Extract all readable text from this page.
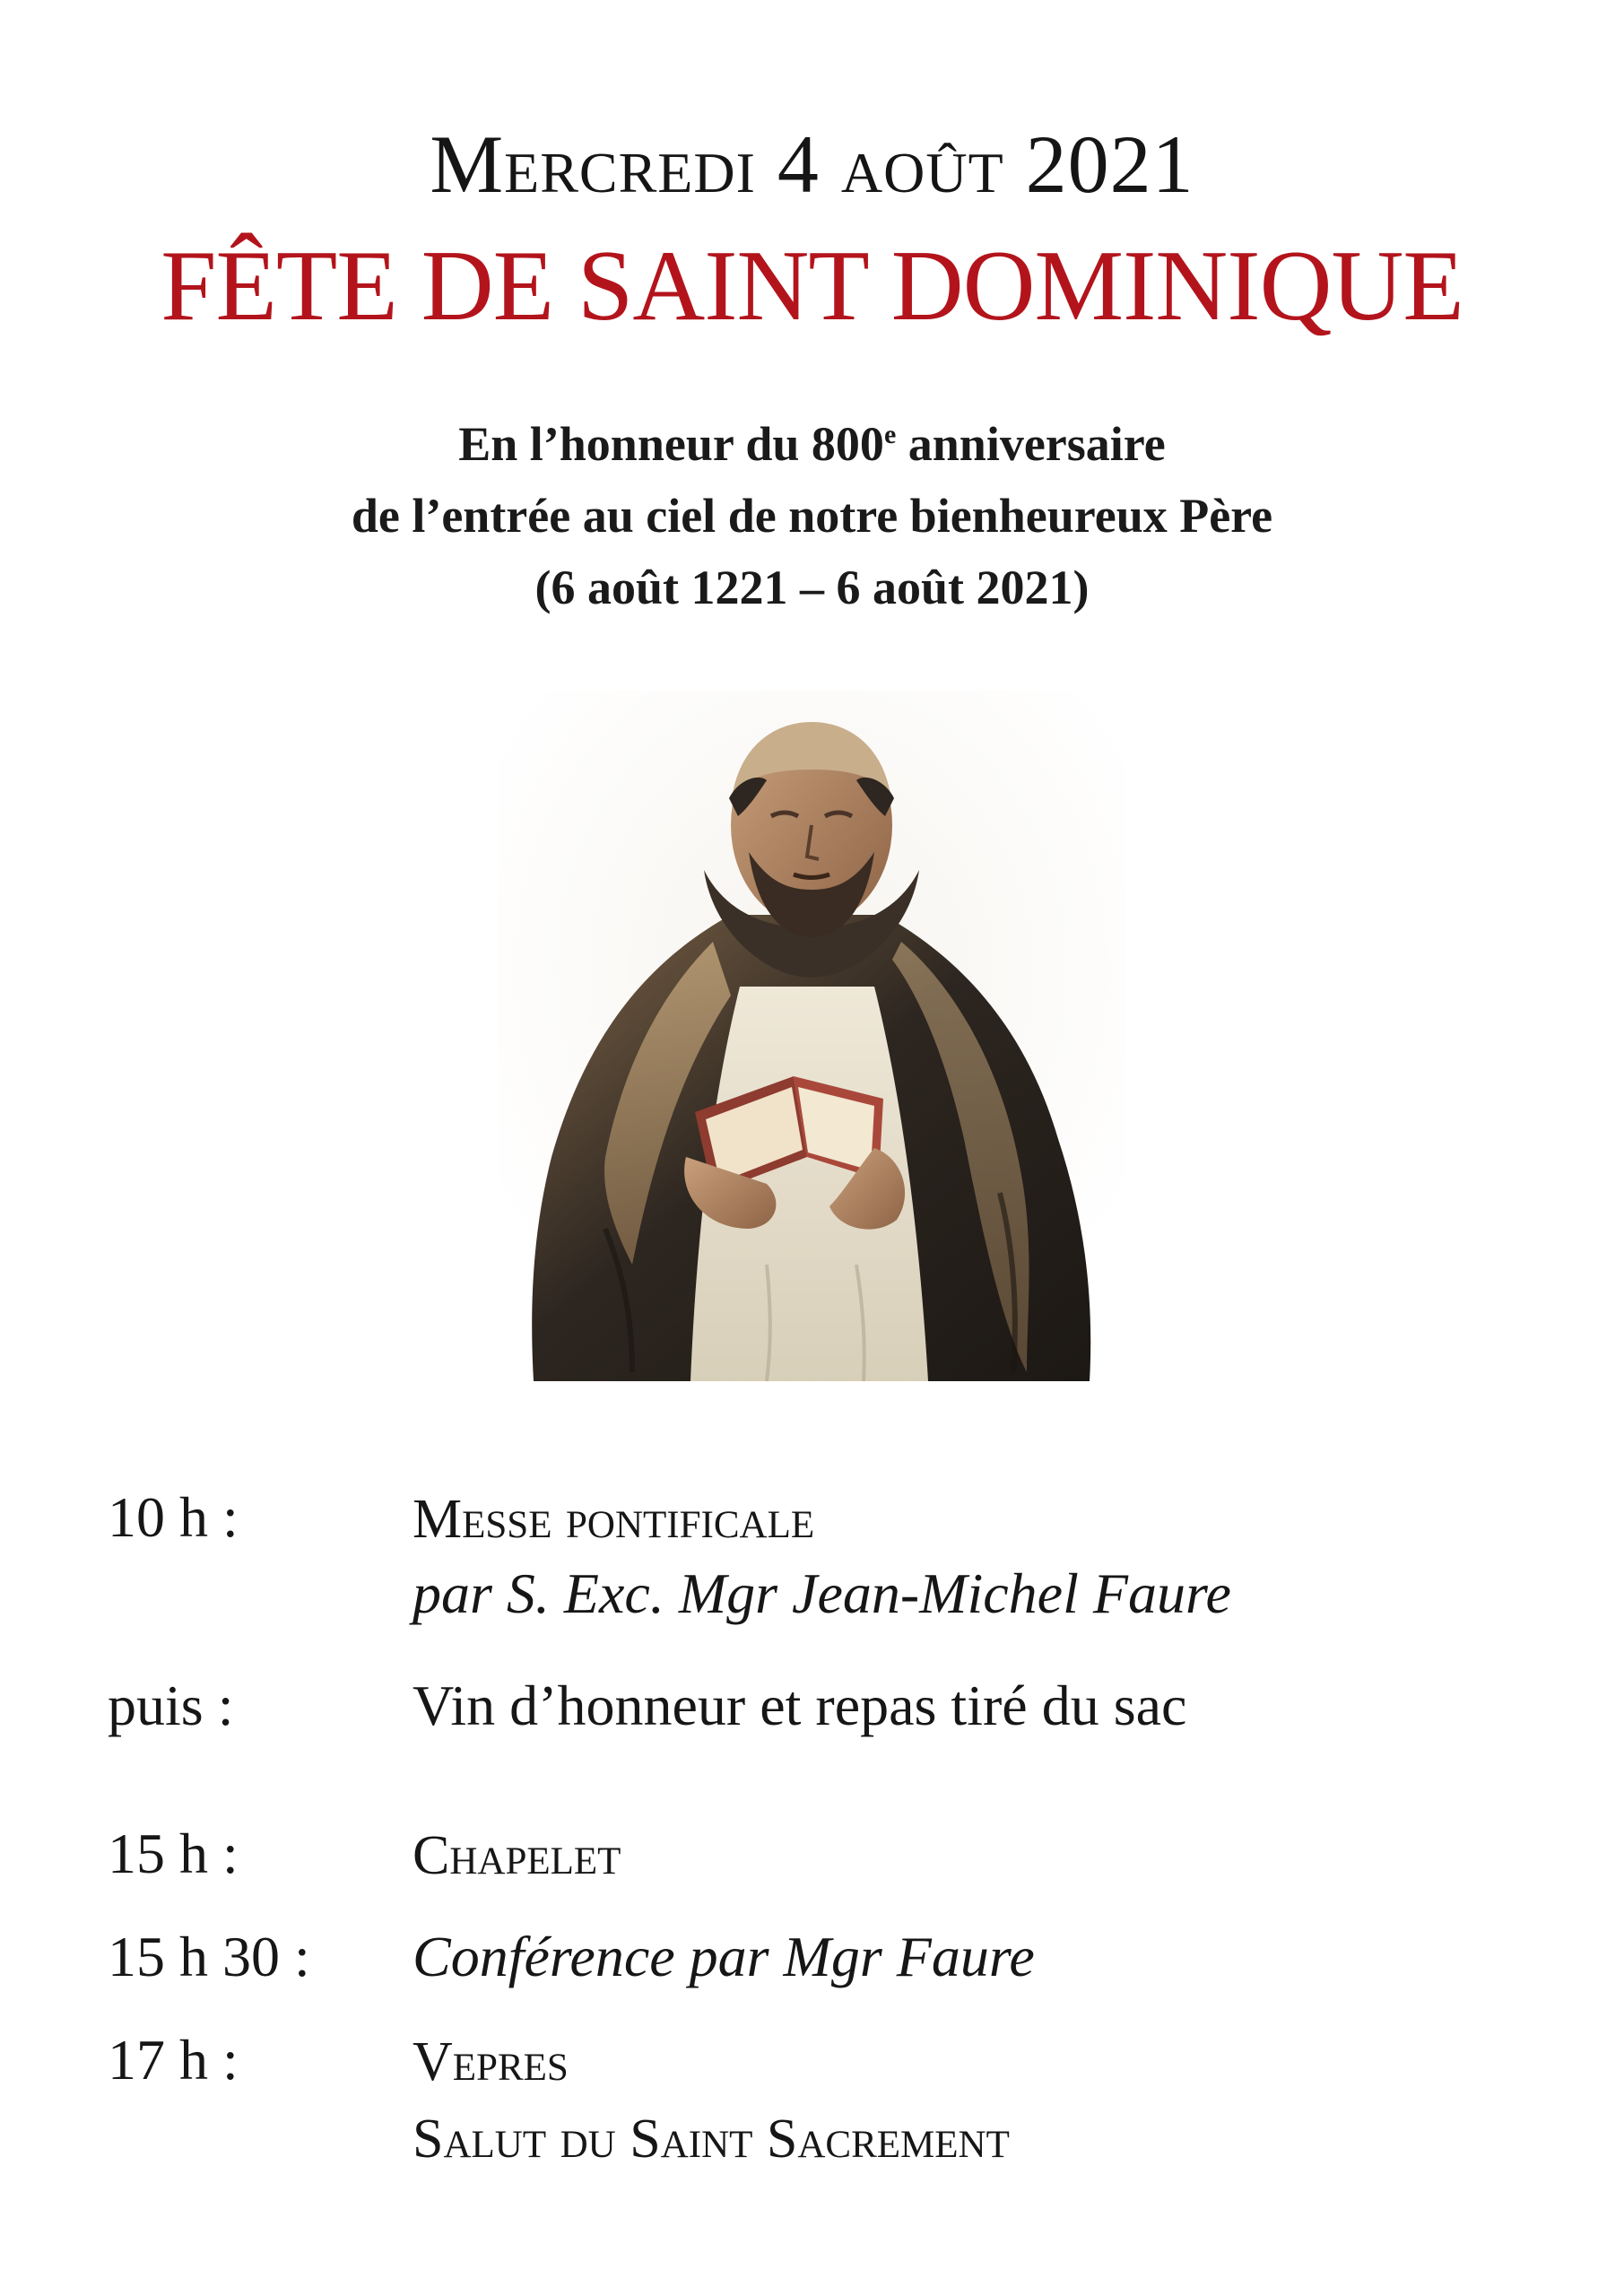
Mercredi 4 août 2021
FÊTE DE SAINT DOMINIQUE
En l’honneur du 800e anniversaire
de l’entrée au ciel de notre bienheureux Père
(6 août 1221 – 6 août 2021)
10 h :	Messe pontificale
par S. Exc. Mgr Jean-Michel Faure
puis :	Vin d’honneur et repas tiré du sac
15 h :	Chapelet
15 h 30 : Conférence par Mgr Faure
17 h :	Vepres
Salut du Saint Sacrement
